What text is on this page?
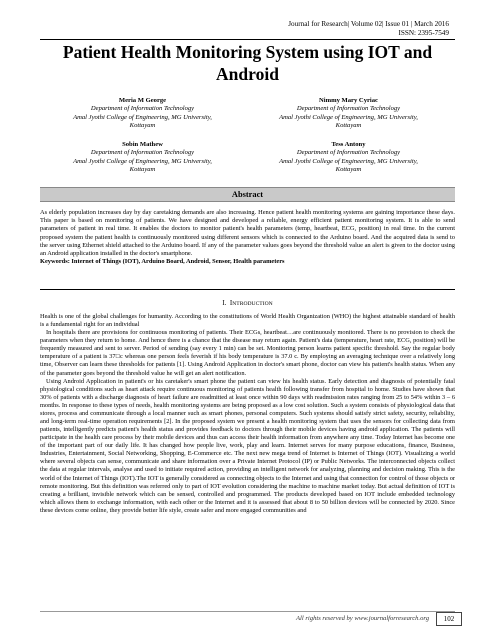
Journal for Research| Volume 02| Issue 01 | March 2016
ISSN: 2395-7549
Patient Health Monitoring System using IOT and Android
Meria M George
Department of Information Technology
Amal Jyothi College of Engineering, MG University,
Kottayam
Nimmy Mary Cyriac
Department of Information Technology
Amal Jyothi College of Engineering, MG University,
Kottayam
Sobin Mathew
Department of Information Technology
Amal Jyothi College of Engineering, MG University,
Kottayam
Tess Antony
Department of Information Technology
Amal Jyothi College of Engineering, MG University,
Kottayam
Abstract
As elderly population increases day by day caretaking demands are also increasing. Hence patient health monitoring systems are gaining importance these days. This paper is based on monitoring of patients. We have designed and developed a reliable, energy efficient patient monitoring system. It is able to send parameters of patient in real time. It enables the doctors to monitor patient's health parameters (temp, heartbeat, ECG, position) in real time. In the current proposed system the patient health is continuously monitored using different sensors which is connected to the Arduino board. And the acquired data is send to the server using Ethernet shield attached to the Arduino board. If any of the parameter values goes beyond the threshold value an alert is given to the doctor using an Android application installed in the doctor's smartphone.
Keywords: Internet of Things (IOT), Arduino Board, Android, Sensor, Health parameters
I. INTRODUCTION

Health is one of the global challenges for humanity. According to the constitutions of World Health Organization (WHO) the highest attainable standard of health is a fundamental right for an individual

In hospitals there are provisions for continuous monitoring of patients. Their ECGs, heartbeat…are continuously monitored. There is no provision to check the parameters when they return to home. And hence there is a chance that the disease may return again. Patient's data (temperature, heart rate, ECG, position) will be frequently measured and sent to server. Period of sending (say every 1 min) can be set. Monitoring person learns patient specific threshold. Say the regular body temperature of a patient is 37□c whereas one person feels feverish if his body temperature is 37.0 c. By employing an averaging technique over a relatively long time, Observer can learn these thresholds for patients [1]. Using Android Application in doctor's smart phone, doctor can view his patient's health status. When any of the parameter goes beyond the threshold value he will get an alert notification.

Using Android Application in patient's or his caretaker's smart phone the patient can view his health status. Early detection and diagnosis of potentially fatal physiological conditions such as heart attack require continuous monitoring of patients health following transfer from hospital to home. Studies have shown that 30% of patients with a discharge diagnosis of heart failure are readmitted at least once within 90 days with readmission rates ranging from 25 to 54% within 3 – 6 months. In response to these types of needs, health monitoring systems are being proposed as a low cost solution. Such a system consists of physiological data that stores, process and communicate through a local manner such as smart phones, personal computers. Such systems should satisfy strict safety, security, reliability, and long-term real-time operation requirements [2]. In the proposed system we present a health monitoring system that uses the sensors for collecting data from patients, intelligently predicts patient's health status and provides feedback to doctors through their mobile devices having android application. The patients will participate in the health care process by their mobile devices and thus can access their health information from anywhere any time. Today Internet has become one of the important part of our daily life. It has changed how people live, work, play and learn. Internet serves for many purpose educations, finance, Business, Industries, Entertainment, Social Networking, Shopping, E-Commerce etc. The next new mega trend of Internet is Internet of Things (IOT). Visualizing a world where several objects can sense, communicate and share information over a Private Internet Protocol (IP) or Public Networks. The interconnected objects collect the data at regular intervals, analyse and used to initiate required action, providing an intelligent network for analyzing, planning and decision making. This is the world of the Internet of Things (IOT).The IOT is generally considered as connecting objects to the Internet and using that connection for control of those objects or remote monitoring. But this definition was referred only to part of IOT evolution considering the machine to machine market today. But actual definition of IOT is creating a brilliant, invisible network which can be sensed, controlled and programmed. The products developed based on IOT include embedded technology which allows them to exchange information, with each other or the Internet and it is assessed that about 8 to 50 billion devices will be connected by 2020. Since these devices come online, they provide better life style, create safer and more engaged communities and

All rights reserved by www.journalforresearch.org	102
